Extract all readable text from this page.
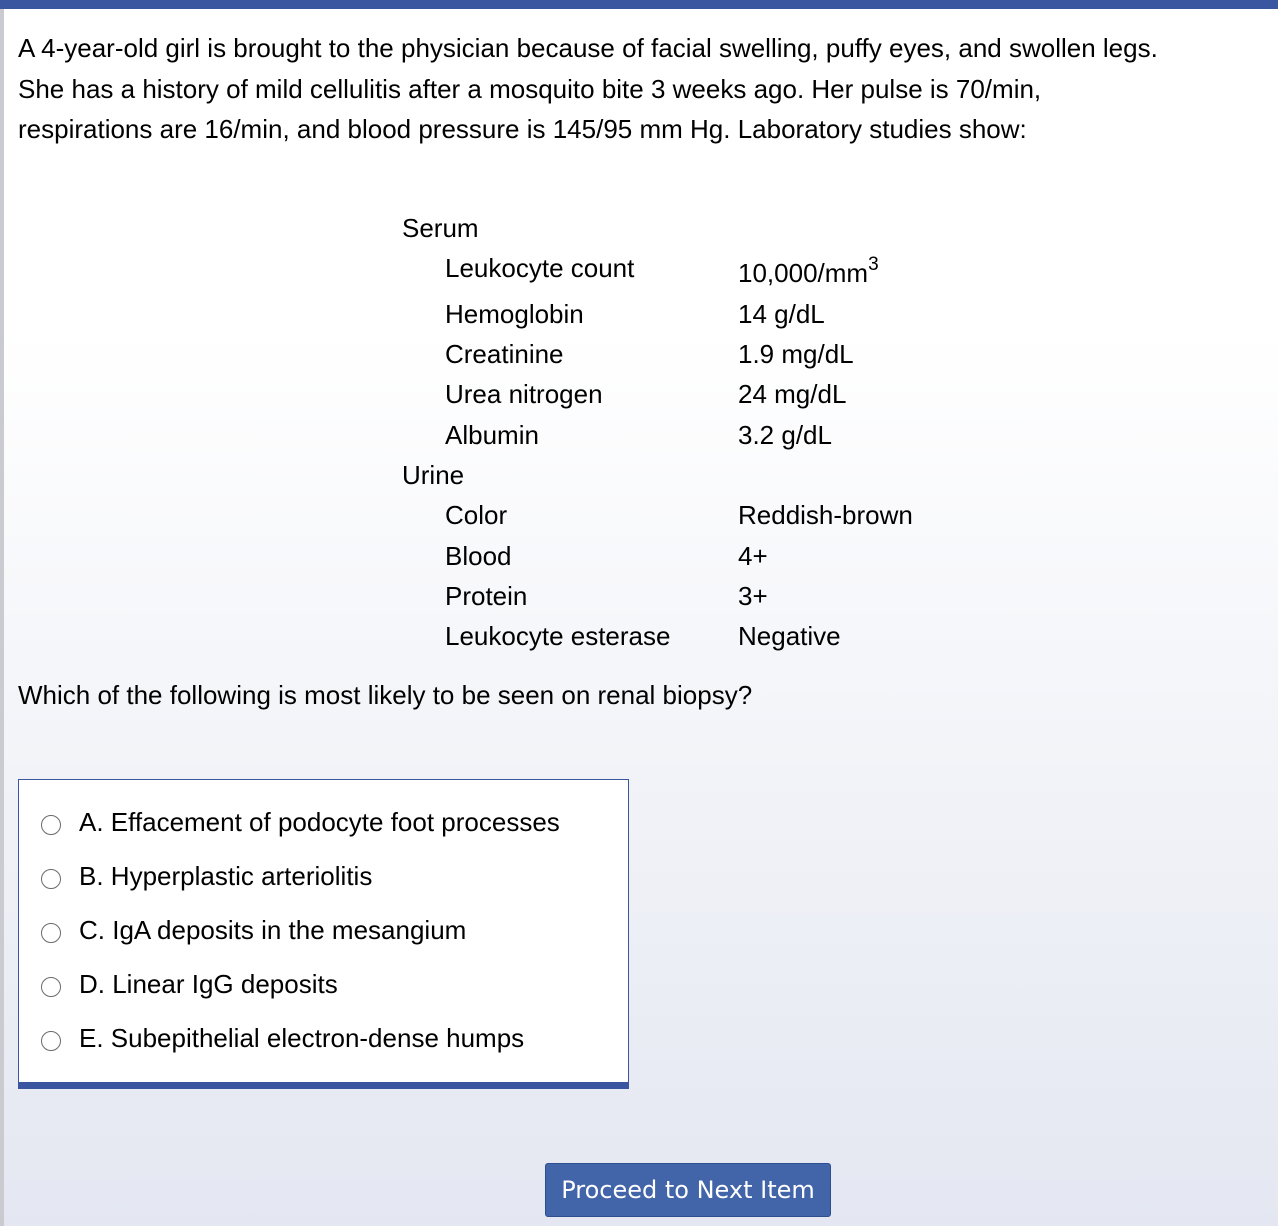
A 4-year-old girl is brought to the physician because of facial swelling, puffy eyes, and swollen legs. She has a history of mild cellulitis after a mosquito bite 3 weeks ago. Her pulse is 70/min, respirations are 16/min, and blood pressure is 145/95 mm Hg. Laboratory studies show:
Serum
Leukocyte count	$10,000/mm^3$
Hemoglobin	14 g/dL
Creatinine	1.9 mg/dL
Urea nitrogen	24 mg/dL
Albumin	3.2 g/dL
Urine
Color	Reddish-brown
Blood	4+
Protein	3+
Leukocyte esterase	Negative
Which of the following is most likely to be seen on renal biopsy?
A. Effacement of podocyte foot processes
B. Hyperplastic arteriolitis
C. IgA deposits in the mesangium
D. Linear IgG deposits
E. Subepithelial electron-dense humps
Proceed to Next Item
